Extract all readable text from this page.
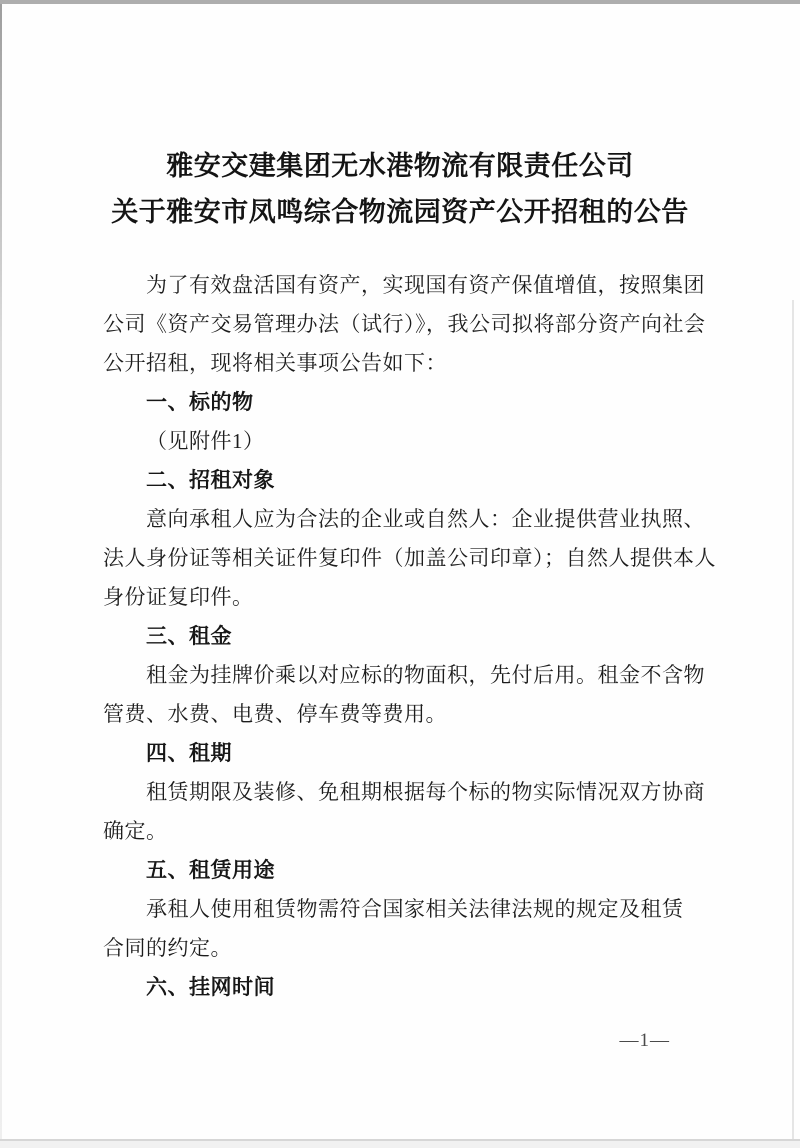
雅安交建集团无水港物流有限责任公司
关于雅安市凤鸣综合物流园资产公开招租的公告
为了有效盘活国有资产，实现国有资产保值增值，按照集团
公司《资产交易管理办法（试行）》，我公司拟将部分资产向社会
公开招租，现将相关事项公告如下：
一、标的物
（见附件1）
二、招租对象
意向承租人应为合法的企业或自然人：企业提供营业执照、
法人身份证等相关证件复印件（加盖公司印章）；自然人提供本人
身份证复印件。
三、租金
租金为挂牌价乘以对应标的物面积，先付后用。租金不含物
管费、水费、电费、停车费等费用。
四、租期
租赁期限及装修、免租期根据每个标的物实际情况双方协商
确定。
五、租赁用途
承租人使用租赁物需符合国家相关法律法规的规定及租赁
合同的约定。
六、挂网时间
—1—
